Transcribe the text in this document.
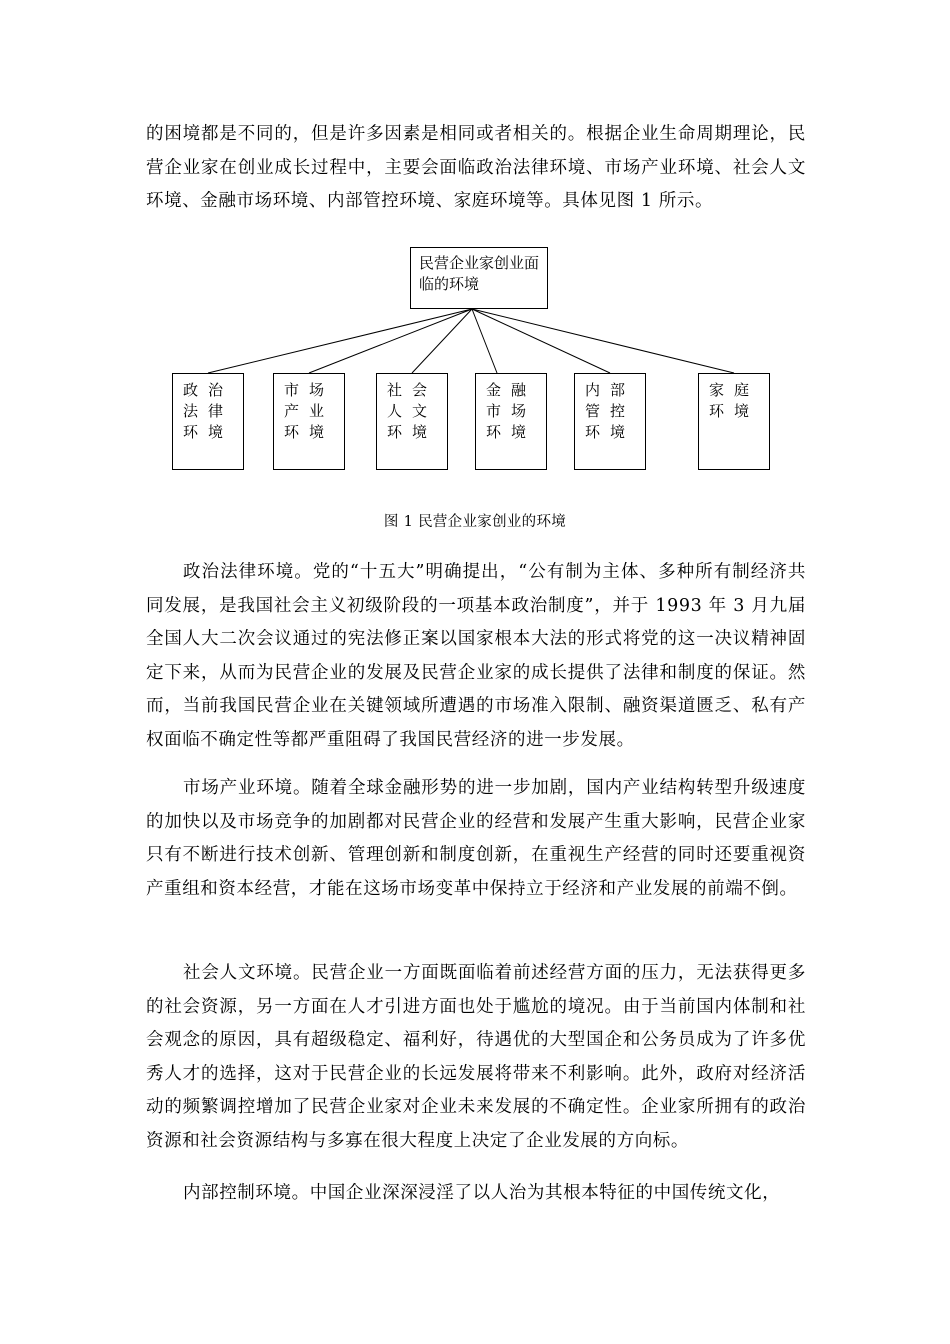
的困境都是不同的，但是许多因素是相同或者相关的。根据企业生命周期理论，民营企业家在创业成长过程中，主要会面临政治法律环境、市场产业环境、社会人文环境、金融市场环境、内部管控环境、家庭环境等。具体见图 1 所示。

民营企业家创业面临的环境
政治
法律
环境
市场
产业
环境
社会
人文
环境
金融
市场
环境
内部
管控
环境
家庭
环境
图 1 民营企业家创业的环境

政治法律环境。党的“十五大”明确提出，“公有制为主体、多种所有制经济共同发展，是我国社会主义初级阶段的一项基本政治制度”，并于 1993 年 3 月九届全国人大二次会议通过的宪法修正案以国家根本大法的形式将党的这一决议精神固定下来，从而为民营企业的发展及民营企业家的成长提供了法律和制度的保证。然而，当前我国民营企业在关键领域所遭遇的市场准入限制、融资渠道匮乏、私有产权面临不确定性等都严重阻碍了我国民营经济的进一步发展。

市场产业环境。随着全球金融形势的进一步加剧，国内产业结构转型升级速度的加快以及市场竞争的加剧都对民营企业的经营和发展产生重大影响，民营企业家只有不断进行技术创新、管理创新和制度创新，在重视生产经营的同时还要重视资产重组和资本经营，才能在这场市场变革中保持立于经济和产业发展的前端不倒。

社会人文环境。民营企业一方面既面临着前述经营方面的压力，无法获得更多的社会资源，另一方面在人才引进方面也处于尴尬的境况。由于当前国内体制和社会观念的原因，具有超级稳定、福利好，待遇优的大型国企和公务员成为了许多优秀人才的选择，这对于民营企业的长远发展将带来不利影响。此外，政府对经济活动的频繁调控增加了民营企业家对企业未来发展的不确定性。企业家所拥有的政治资源和社会资源结构与多寡在很大程度上决定了企业发展的方向标。

内部控制环境。中国企业深深浸淫了以人治为其根本特征的中国传统文化，
